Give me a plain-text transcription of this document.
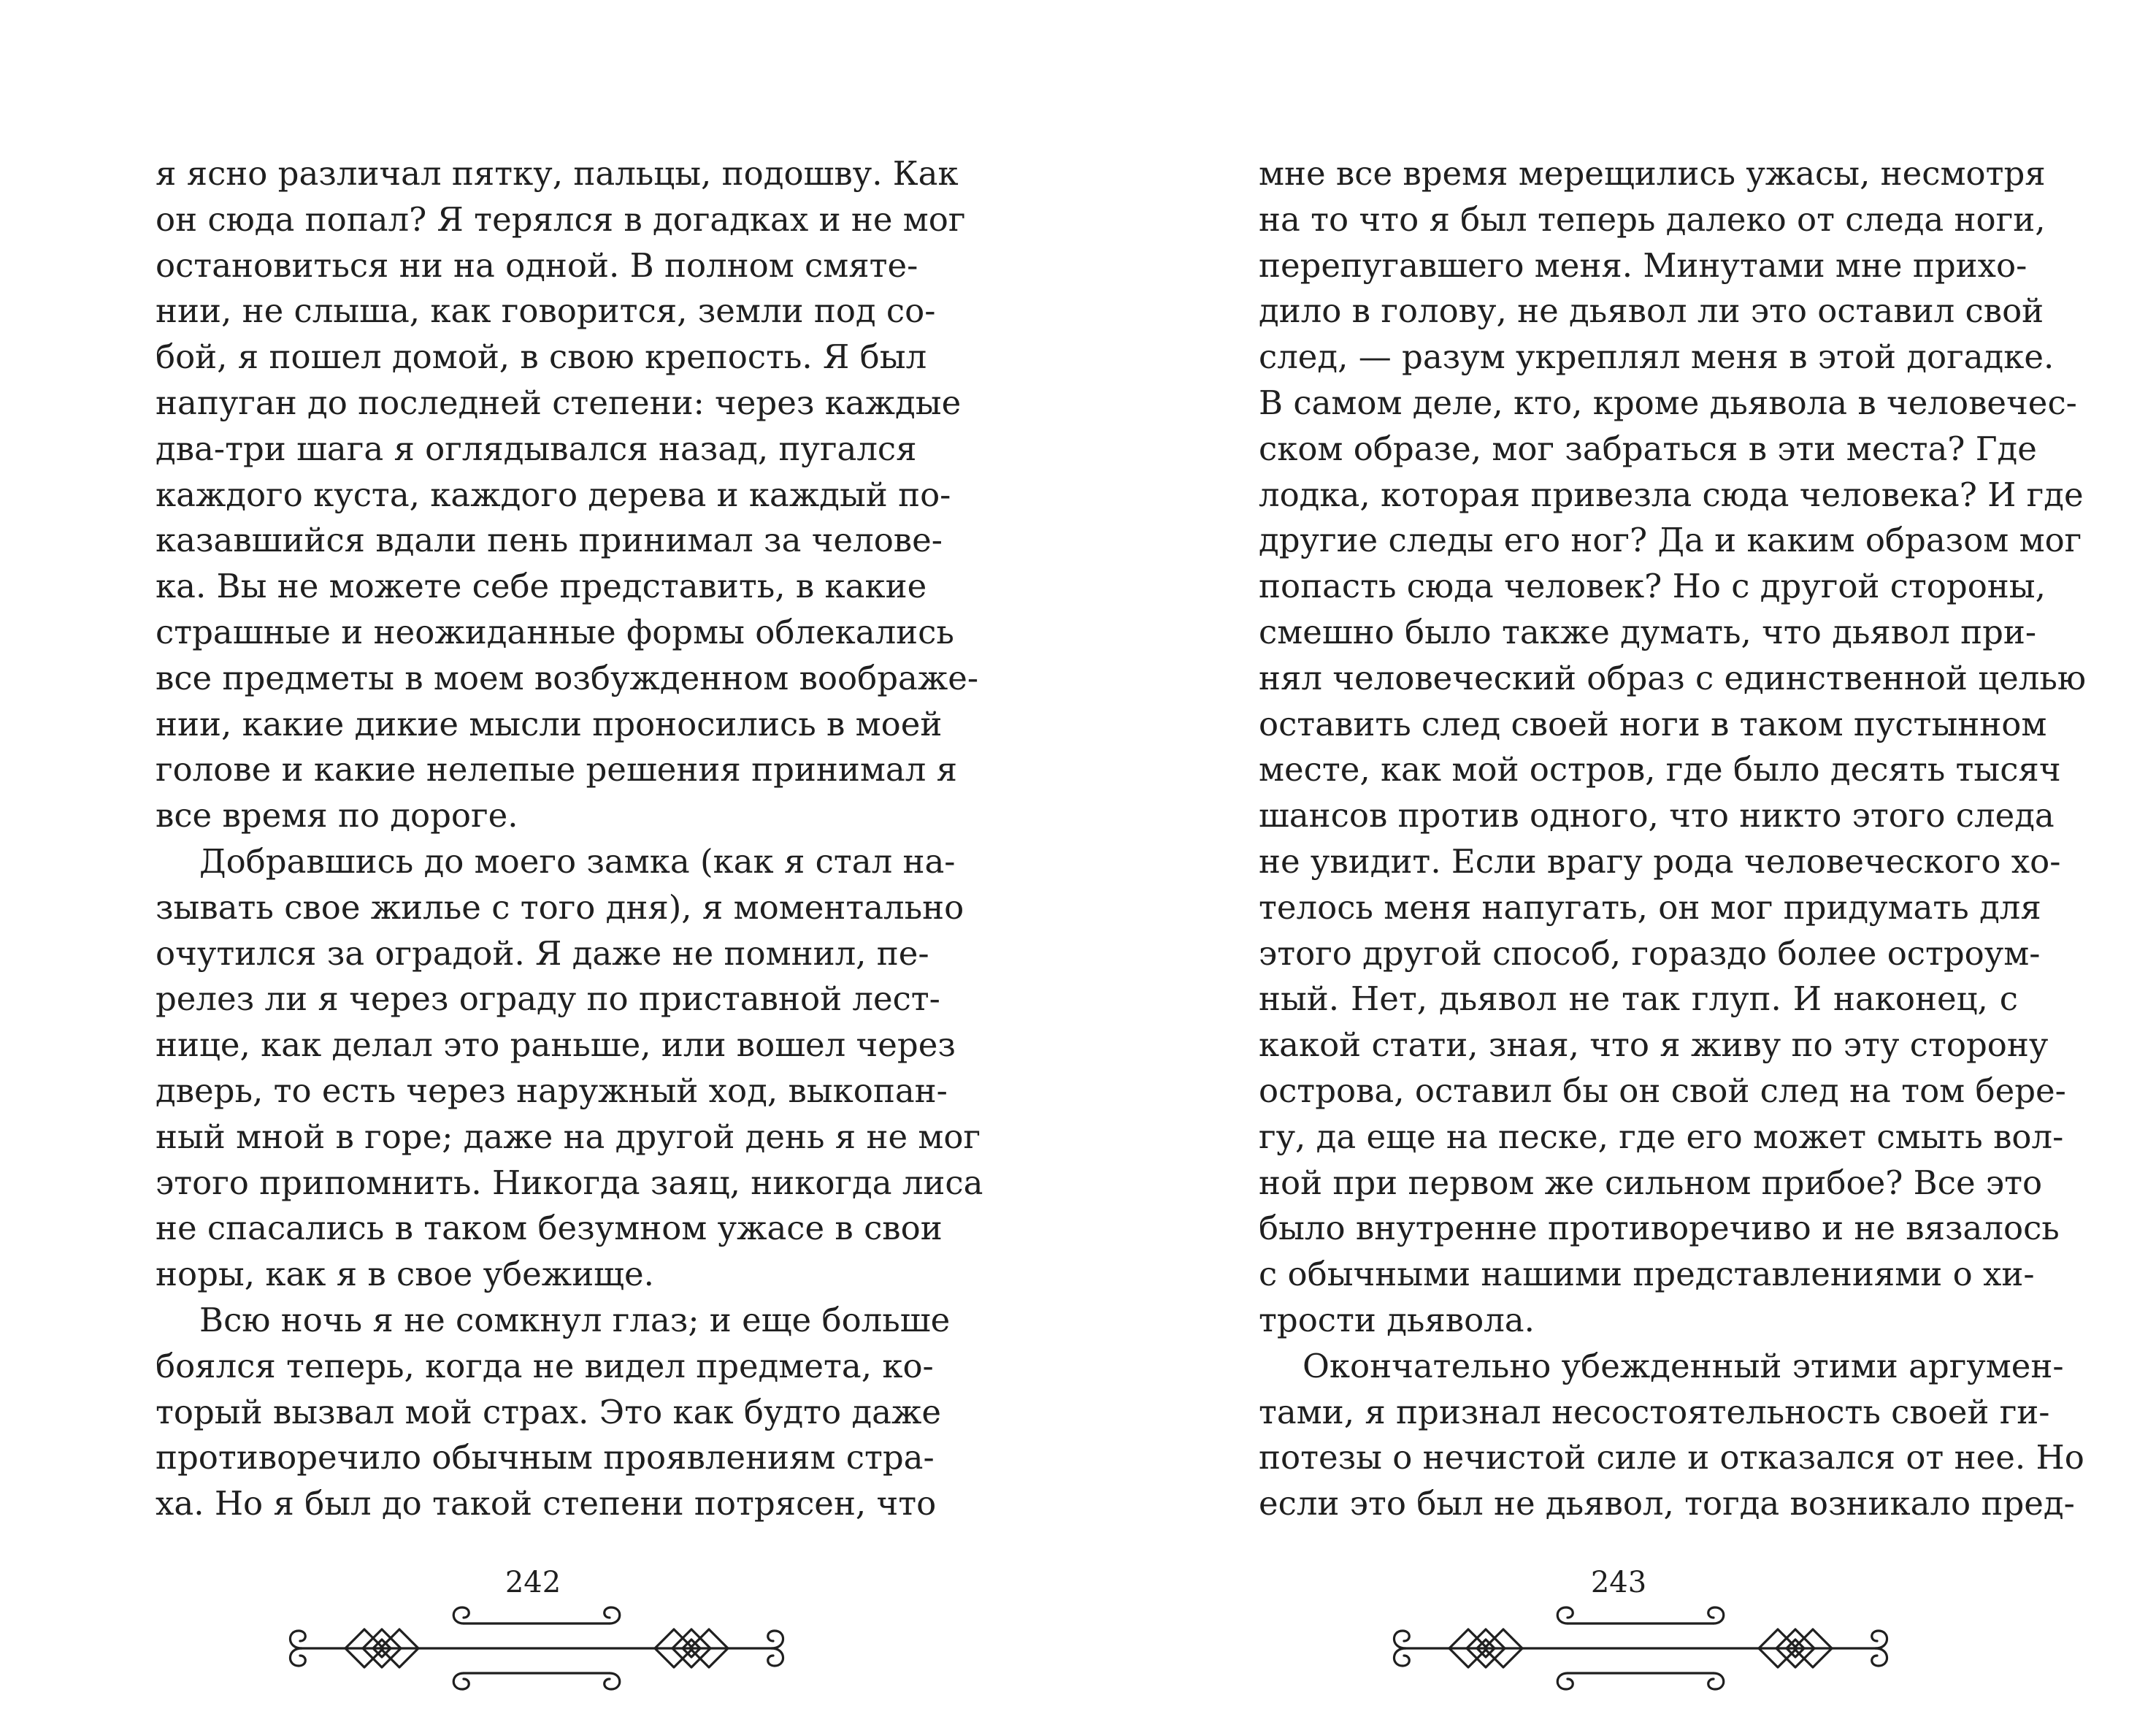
я ясно различал пятку, пальцы, подошву. Как
он сюда попал? Я терялся в догадках и не мог
остановиться ни на одной. В полном смяте-
нии, не слыша, как говорится, земли под со-
бой, я пошел домой, в свою крепость. Я был
напуган до последней степени: через каждые
два-три шага я оглядывался назад, пугался
каждого куста, каждого дерева и каждый по-
казавшийся вдали пень принимал за челове-
ка. Вы не можете себе представить, в какие
страшные и неожиданные формы облекались
все предметы в моем возбужденном воображе-
нии, какие дикие мысли проносились в моей
голове и какие нелепые решения принимал я
все время по дороге.
Добравшись до моего замка (как я стал на-
зывать свое жилье с того дня), я моментально
очутился за оградой. Я даже не помнил, пе-
релез ли я через ограду по приставной лест-
нице, как делал это раньше, или вошел через
дверь, то есть через наружный ход, выкопан-
ный мной в горе; даже на другой день я не мог
этого припомнить. Никогда заяц, никогда лиса
не спасались в таком безумном ужасе в свои
норы, как я в свое убежище.
Всю ночь я не сомкнул глаз; и еще больше
боялся теперь, когда не видел предмета, ко-
торый вызвал мой страх. Это как будто даже
противоречило обычным проявлениям стра-
ха. Но я был до такой степени потрясен, что
242
мне все время мерещились ужасы, несмотря
на то что я был теперь далеко от следа ноги,
перепугавшего меня. Минутами мне прихо-
дило в голову, не дьявол ли это оставил свой
след, — разум укреплял меня в этой догадке.
В самом деле, кто, кроме дьявола в человечес-
ском образе, мог забраться в эти места? Где
лодка, которая привезла сюда человека? И где
другие следы его ног? Да и каким образом мог
попасть сюда человек? Но с другой стороны,
смешно было также думать, что дьявол при-
нял человеческий образ с единственной целью
оставить след своей ноги в таком пустынном
месте, как мой остров, где было десять тысяч
шансов против одного, что никто этого следа
не увидит. Если врагу рода человеческого хо-
телось меня напугать, он мог придумать для
этого другой способ, гораздо более остроум-
ный. Нет, дьявол не так глуп. И наконец, с
какой стати, зная, что я живу по эту сторону
острова, оставил бы он свой след на том бере-
гу, да еще на песке, где его может смыть вол-
ной при первом же сильном прибое? Все это
было внутренне противоречиво и не вязалось
с обычными нашими представлениями о хи-
трости дьявола.
Окончательно убежденный этими аргумен-
тами, я признал несостоятельность своей ги-
потезы о нечистой силе и отказался от нее. Но
если это был не дьявол, тогда возникало пред-
243
